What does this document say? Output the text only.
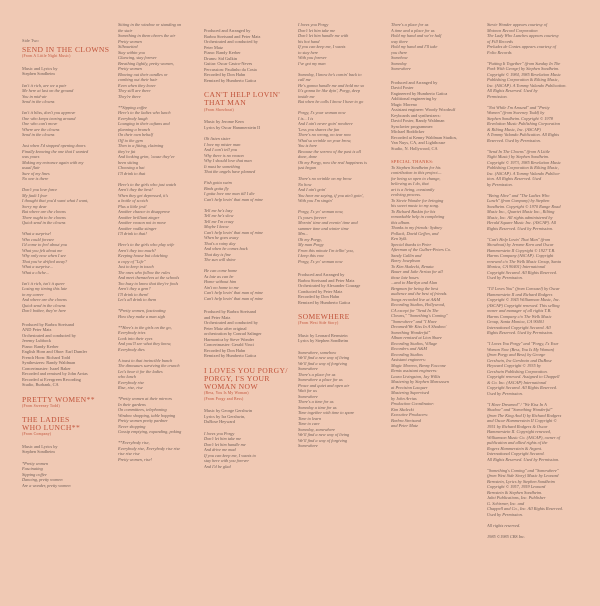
Side Two
SEND IN THE CLOWNS
(From A Little Night Music)
Music and Lyrics by
Stephen Sondheim
Isn't it rich, are we a pair
Me here at last on the ground
You in mid-air
Send in the clowns

Isn't it bliss, don't you approve
One who keeps tearing around
One who can't move
Where are the clowns
Send in the clowns

Just when I'd stopped opening doors
Finally knowing the one that I wanted
was yours
Making my entrance again with my
usual flair
Sure of my lines
No one is there

Don't you love farce
My fault I fear
I thought that you'd want what I want,
Sorry my dear
But where are the clowns
There ought to be clowns
Quick send in the clowns

What a surprise!
Who could foresee
I'd come to feel about you
What you felt about me
Why only now when I see
That you've drifted away?
What a surprise...
What a cliche...

Isn't it rich, isn't it queer
Losing my timing this late
in my career
And where are the clowns
Quick send in the clowns
Don't bother, they're here
Produced by Barbra Streisand
AND Peter Matz
Orchestrated and conducted by
Jeremy Lubbock
Piano: Randy Kerber
English Horn and Oboe: Earl Dumler
French Horn: Richard Todd
Synthesizers: Randy Waldman
Concertmaster: Israel Baker
Recorded and remixed by John Arrias
Recorded at Evergreen Recording
Studio, Burbank, CA
PRETTY WOMEN**
(From Sweeney Todd)
THE LADIES
WHO LUNCH**
(From Company)
Music and Lyrics by
Stephen Sondheim
*Pretty women
Fascinating
Sipping coffee
Dancing, pretty women
Are a wonder, pretty women
Sitting in the window or standing on
the stair
Something in them cheers the air
Pretty women
Silhouetted
Stay within you
Glancing, stay forever
Breathing lightly, pretty women,
Pretty women
Blowing out their candles or
combing out their hair
Even when they leave
They still are there
They're there

**Sipping coffee
Here's to the ladies who lunch
Everybody laugh
Lounging in their caftans and
planning a brunch
On their own behalf
Off to the gym
Then to a fitting, claiming
they're fat
And looking grim, 'cause they've
been sitting
Choosing a hat
I'll drink to that

Here's to the girls who just watch
Aren't they the best!
When they get depressed, it's
a bottle of scotch
Plus a little jest!
Another chance to disapprove
Another brilliant zinger
Another reason not to move
Another vodka stinger
I'll drink to that!

Here's to the girls who play wife
Aren't they too much?
Keeping house but clutching
a copy of "Life"
Just to keep in touch
The ones who follow the rules
And meet themselves at the schools
Too busy to know that they're fools
Aren't they a gem?
I'll drink to them!
Let's all drink to them

*Pretty women, fascinating
How they make a man sigh

**Here's to the girls on the go,
Everybody tries
Look into their eyes
And you'll see what they know,
Everybody dies

A toast to that invincible bunch
The dinosaurs surviving the crunch
Let's hear it for the ladies
who lunch
Everybody rise
Rise, rise, rise

*Pretty women at their mirrors
In their gardens
On committees, telephoning
Window shopping, table hopping
Pretty women pretty pardner
Never shopping
Gossip emptying, expanding, poking

**Everybody rise,
Everybody rise, Everybody rise rise
rise rise rise
Pretty women, rise!
Produced and Arranged by
Barbra Streisand and Peter Matz
Orchestrated and conducted by
Peter Matz
Piano: Randy Kerber
Drums: Sid Gulkin
Guitar: Oscar Castro-Neves
Percussion: Paulinho da Costa
Recorded by Don Hahn
Remixed by Humberto Gatica
CAN'T HELP LOVIN'
THAT MAN
(From Showboat)
Music by Jerome Kern
Lyrics by Oscar Hammerstein II
Oh listen sister
I love my mister man
And I can't tell you
Why there is no reason
Why I should love that man
It must be something
That the angels have planned

Fish gotta swim
Birds gotta fly
I gotta love one man till I die
Can't help lovin' that man of mine

Tell me he's lazy
Tell me he's slow
Tell me I'm crazy
Maybe I know
Can't help lovin' that man of mine
When he goes away
That's a rainy day
And when he comes back
That day is fine
The sun will shine

He can come home
As late as can be
Home without him
Ain't no home to me
Can't help lovin' that man of mine
Can't help lovin' that man of mine
Produced by Barbra Streisand
and Peter Matz
Orchestrated and conducted by
Peter Matz after original
orchestration by Conrad Salinger
Harmonica by Steve Wonder
Concertmaster: Gerald Vinci
Recorded by Don Hahn
Remixed by Humberto Gatica
I LOVES YOU PORGY/
PORGY, I'S YOUR
WOMAN NOW
(Bess, You Is My Woman)
(From Porgy and Bess)
Music by George Gershwin
Lyrics by Ira Gershwin,
DuBose Heyward
I loves you Porgy
Don't let him take me
Don't let him handle me
And drive me mad
If you can keep me, I wants to
stay here with you forever
And I'd be glad
I loves you Porgy
Don't let him take me
Don't let him handle me with
his hot hand
If you can keep me, I wants
to stay here
With you forever
I've got my man

Someday, I know he's comin' back to
call me
He's gonna handle me and hold me so
It's gonna be like dyin', Porgy, deep
inside me
But when he calls I know I have to go

Porgy, I's your woman now
I is... I is
And I ain't never goin' nowhere
'Less you shares the fun
There's no wrong, no tear now
What'su wrinkle on your brow,
You is here
Because the sorrow of the past is all
done, done
Oh my Porgy, now the real happiness is
just begun

There's no wrinkle on my brow
No how
And I ain't goin'
You hear me saying, if you ain't goin',
With you I'm singin'

Porgy, I's yo' woman now,
I's yours forever
Mornin' time and evenin' time and
summer time and winter time
Mm...
Oh my Porgy,
My man Porgy
From this minute I'm tellin' you,
I keep this vow
Porgy, I's yo' woman now
Produced and Arranged by
Barbra Streisand and Peter Matz
Orchestrated by Alexander Courage
Conducted by Peter Matz
Recorded by Don Hahn
Remixed by Humberto Gatica
SOMEWHERE
(From West Side Story)
Music by Leonard Bernstein
Lyrics by Stephen Sondheim
Somewhere, somehow
We'll find a new way of living
We'll find a way of forgiving
Somewhere
There's a place for us
Somewhere a place for us
Peace and quiet and open air
Wait for us
Somewhere
There's a time for us
Someday a time for us
Time together with time to spare
Time to learn
Time to care
Someday, somewhere
We'll find a new way of living
We'll find a way of forgiving
Somewhere
There's a place for us
A time and a place for us
Hold my hand and we're half
way there
Hold my hand and I'll take
you there
Somehow
Someday
Somewhere
Produced and Arranged by
David Foster
Engineered by Humberto Gatica
Additional engineering by
Magic Moreno
Assistant engineer: Woody Woodruff
Keyboards and synthesizers:
David Foster, Randy Waldman
Synclavier programmer:
Michael Boddicker
Recorded at Kenny Waldman Studios,
Van Nuys, CA, and Lighthouse
Studio, N. Hollywood, CA
SPECIAL THANKS:
To Stephen Sondheim for his
contribution to this project—
for being so open to change,
believing as I do, that
art is a living, constantly
evolving process.
To Stevie Wonder for bringing
his sweet music to my song.
To Richard Baskin for his
remarkable help in completing
this album.
Thanks to my friends: Sydney
Pollack, David Geffen, and
Ken Sylk.
Special thanks to Peter
Afterman of the Gulber-Peters Co.
Sandy Gallin and
Barry Josephson
To Kim Skalecki, Renata
Bauer and Jake Arriaa for all
those late hours
...and to Marilyn and Alan
Bergman for being the best
audience and the best of friends.
Songs recorded live at A&M
Recording Studios, Hollywood,
CA except for "Send In The
Clowns," "Something's Coming"
"Somewhere" and "I Have
Dreamed/We Kiss In A Shadow/
Something Wonderful"
Album remixed at Lion Share
Recording Studios, Village
Recorders and A&M
Recording Studios
Assistant engineers:
Magic Moreno, Benny Faccone
Remix assistant engineers:
Laura Livingston, Jay Willis
Mastering by Stephen Marcussen
at Precision Lacquer
Mastering Supervised
by John Arrias
Production Coordinator:
Kim Skalecki
Executive Producers:
Barbra Streisand
and Peter Matz
Stevie Wonder appears courtesy of
Motown Record Corporation
The Lady Who Lunches appears courtesy
of Fill Records
Preludes de Contes appears courtesy of
Folio Records

"Putting It Together" (from Sunday In The
Park With George) by Stephen Sondheim.
Copyright © 1984, 1985 Revelation Music
Publishing Corporation & Rilting Music,
Inc. (ASCAP). A Tommy Valando Publication.
All Rights Reserved. Used by
Permission.

"Not While I'm Around" and "Pretty
Women" (from Sweeney Todd) by
Stephen Sondheim. Copyright © 1978
Revelation Music Publishing Corporation
& Rilting Music, Inc. (ASCAP)
A Tommy Valando Publication. All Rights
Reserved. Used by Permission.

"Send In The Clowns" (from A Little
Night Music) by Stephen Sondheim.
Copyright © 1973, 1985 Revelation Music
Publishing Corporation & Rilting Music,
Inc. (ASCAP). A Tommy Valando Publica-
tion. All Rights Reserved. Used
by Permission.

"Being Alive" and "The Ladies Who
Lunch" (from Company) by Stephen
Sondheim. Copyright © 1970 Range Road
Music Inc., Quartet Music Inc., Rilting
Music, Inc. All rights administered by
Herald Square Music Inc. (ASCAP). All
Rights Reserved. Used by Permission.

"Can't Help Lovin' That Man" (from
Showboat) by Jerome Kern and Oscar
Hammerstein II Copyright © 1927 T.B.
Harms Company (ASCAP). Copyright
renewed c/o The Welk Music Group, Santa
Monica, CA 90401) International
Copyright Secured. All Rights Reserved.
Used by Permission.

"I'll Loves You" (from Carousel) by Oscar
Hammerstein II and Richard Rodgers
Copyright © 1945 Williamson Music, Inc.
(ASCAP) Copyright renewed. This selling
owner and manager of all rights T.B.
Harms Company c/o The Welk Music
Group, Santa Monica, CA 90401
International Copyright Secured. All
Rights Reserved. Used by Permission.

"I Loves You Porgy" and "Porgy, I's Your
Woman Now (Bess, You Is My Woman)
(from Porgy and Bess) by George
Gershwin, Ira Gershwin and DuBose
Heyward Copyright © 1935 by
Gershwin Publishing Corporation.
Copyright renewed. Assigned to Chappell
& Co. Inc. (ASCAP) International
Copyright Secured. All Rights Reserved.
Used by Permission.

"I Have Dreamed" / "We Kiss In A
Shadow" and "Something Wonderful"
(from The King And I) by Richard Rodgers
and Oscar Hammerstein II Copyright ©
1951 by Richard Rodgers & Oscar
Hammerstein II. Copyright renewed,
Williamson Music Co. (ASCAP), owner of
publication and allied rights of the
Rogers Hammerstein & Argent.
International Copyright Secured.
All Rights Reserved. Used by Permission.

"Something's Coming" and "Somewhere"
(from West Side Story) Music by Leonard
Bernstein, Lyrics by Stephen Sondheim
Copyright © 1957, 1959 Leonard
Bernstein & Stephen Sondheim.
Jalni Publications, Inc. Publisher
G. Schirmer, Inc. and
Chappell and Co., Inc. All Rights Reserved.
Used by Permission.

All rights reserved.

1985 ©1985 CBS Inc.
